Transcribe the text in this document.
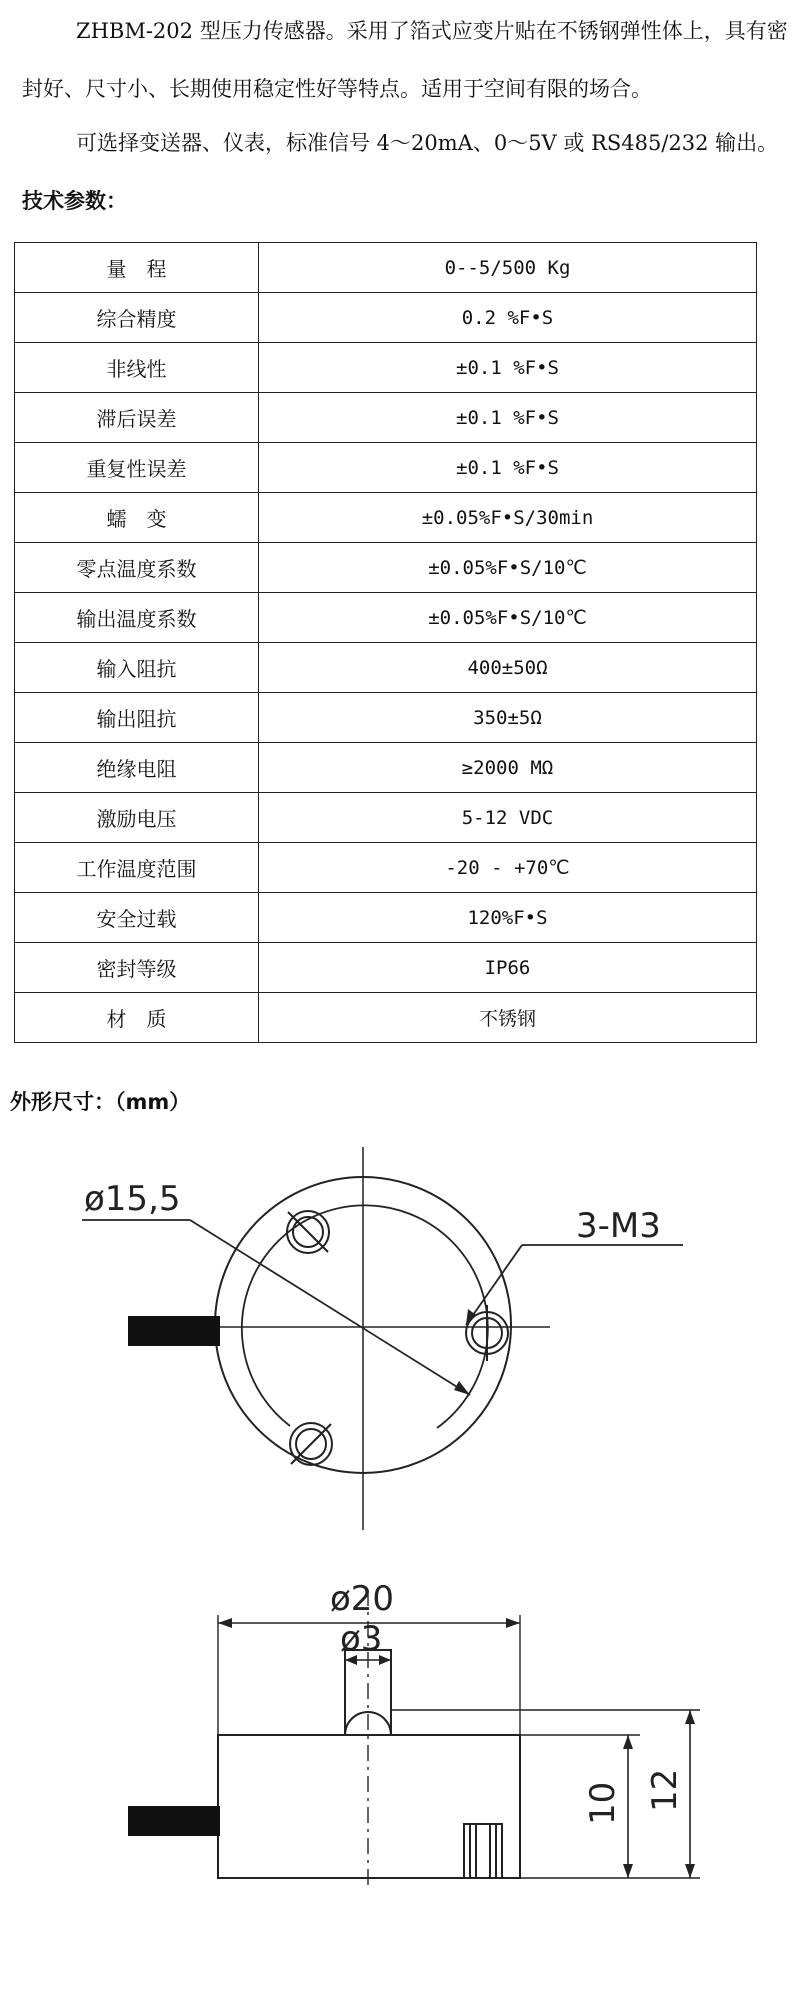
ZHBM-202 型压力传感器。采用了箔式应变片贴在不锈钢弹性体上，具有密
封好、尺寸小、长期使用稳定性好等特点。适用于空间有限的场合。
可选择变送器、仪表，标准信号 4～20mA、0～5V 或 RS485/232 输出。
技术参数：
量　程	0--5/500 Kg
综合精度	0.2 %F•S
非线性	±0.1 %F•S
滞后误差	±0.1 %F•S
重复性误差	±0.1 %F•S
蠕　变	±0.05%F•S/30min
零点温度系数	±0.05%F•S/10℃
输出温度系数	±0.05%F•S/10℃
输入阻抗	400±50Ω
输出阻抗	350±5Ω
绝缘电阻	≥2000 MΩ
激励电压	5-12 VDC
工作温度范围	-20 - +70℃
安全过载	120%F•S
密封等级	IP66
材　质	不锈钢
外形尺寸：（mm）
ø15,5
3-M3
ø20
ø3
10 12
